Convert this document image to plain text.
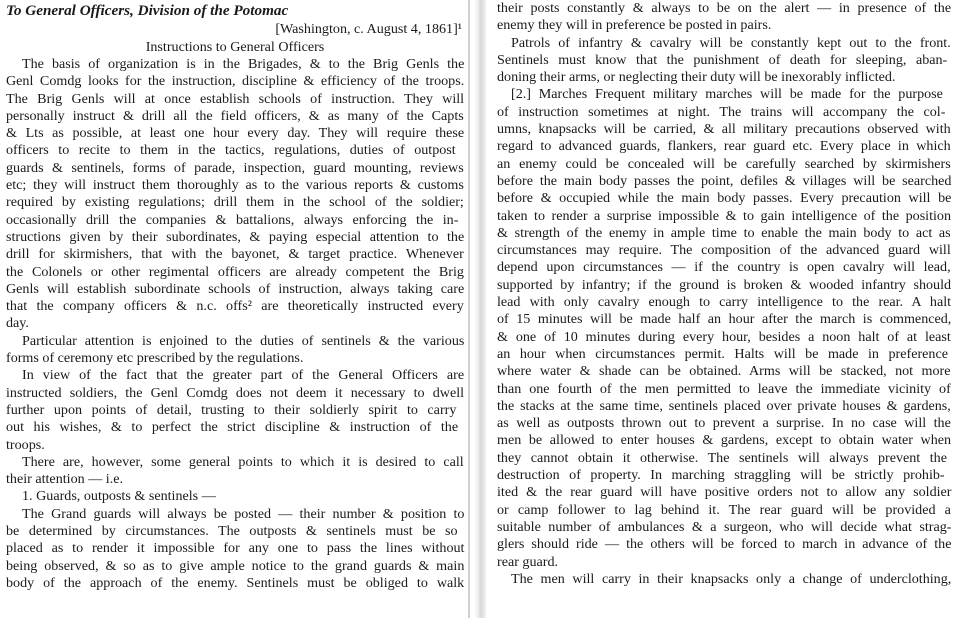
To General Officers, Division of the Potomac
[Washington, c. August 4, 1861]¹
Instructions to General Officers
The basis of organization is in the Brigades, & to the Brig Genls the
Genl Comdg looks for the instruction, discipline & efficiency of the troops.
The Brig Genls will at once establish schools of instruction. They will
personally instruct & drill all the field officers, & as many of the Capts
& Lts as possible, at least one hour every day. They will require these
officers to recite to them in the tactics, regulations, duties of outpost
guards & sentinels, forms of parade, inspection, guard mounting, reviews
etc; they will instruct them thoroughly as to the various reports & customs
required by existing regulations; drill them in the school of the soldier;
occasionally drill the companies & battalions, always enforcing the in-
structions given by their subordinates, & paying especial attention to the
drill for skirmishers, that with the bayonet, & target practice. Whenever
the Colonels or other regimental officers are already competent the Brig
Genls will establish subordinate schools of instruction, always taking care
that the company officers & n.c. offs² are theoretically instructed every
day.
Particular attention is enjoined to the duties of sentinels & the various
forms of ceremony etc prescribed by the regulations.
In view of the fact that the greater part of the General Officers are
instructed soldiers, the Genl Comdg does not deem it necessary to dwell
further upon points of detail, trusting to their soldierly spirit to carry
out his wishes, & to perfect the strict discipline & instruction of the
troops.
There are, however, some general points to which it is desired to call
their attention — i.e.
1. Guards, outposts & sentinels —
The Grand guards will always be posted — their number & position to
be determined by circumstances. The outposts & sentinels must be so
placed as to render it impossible for any one to pass the lines without
being observed, & so as to give ample notice to the grand guards & main
body of the approach of the enemy. Sentinels must be obliged to walk
their posts constantly & always to be on the alert — in presence of the
enemy they will in preference be posted in pairs.
Patrols of infantry & cavalry will be constantly kept out to the front.
Sentinels must know that the punishment of death for sleeping, aban-
doning their arms, or neglecting their duty will be inexorably inflicted.
[2.] Marches Frequent military marches will be made for the purpose
of instruction sometimes at night. The trains will accompany the col-
umns, knapsacks will be carried, & all military precautions observed with
regard to advanced guards, flankers, rear guard etc. Every place in which
an enemy could be concealed will be carefully searched by skirmishers
before the main body passes the point, defiles & villages will be searched
before & occupied while the main body passes. Every precaution will be
taken to render a surprise impossible & to gain intelligence of the position
& strength of the enemy in ample time to enable the main body to act as
circumstances may require. The composition of the advanced guard will
depend upon circumstances — if the country is open cavalry will lead,
supported by infantry; if the ground is broken & wooded infantry should
lead with only cavalry enough to carry intelligence to the rear. A halt
of 15 minutes will be made half an hour after the march is commenced,
& one of 10 minutes during every hour, besides a noon halt of at least
an hour when circumstances permit. Halts will be made in preference
where water & shade can be obtained. Arms will be stacked, not more
than one fourth of the men permitted to leave the immediate vicinity of
the stacks at the same time, sentinels placed over private houses & gardens,
as well as outposts thrown out to prevent a surprise. In no case will the
men be allowed to enter houses & gardens, except to obtain water when
they cannot obtain it otherwise. The sentinels will always prevent the
destruction of property. In marching straggling will be strictly prohib-
ited & the rear guard will have positive orders not to allow any soldier
or camp follower to lag behind it. The rear guard will be provided a
suitable number of ambulances & a surgeon, who will decide what strag-
glers should ride — the others will be forced to march in advance of the
rear guard.
The men will carry in their knapsacks only a change of underclothing,
